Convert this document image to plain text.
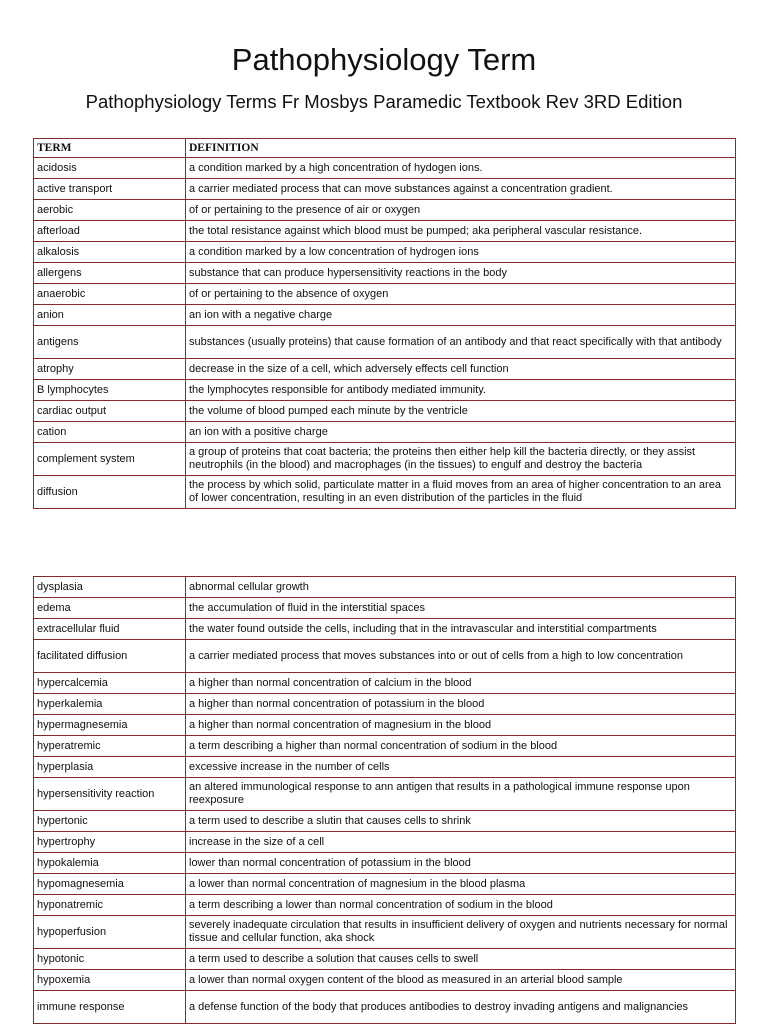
Pathophysiology Term
Pathophysiology Terms Fr Mosbys Paramedic Textbook Rev 3RD Edition
TERM	DEFINITION
acidosis	a condition marked by a high concentration of hydogen ions.
active transport	a carrier mediated process that can move substances against a concentration gradient.
aerobic	of or pertaining to the presence of air or oxygen
afterload	the total resistance against which blood must be pumped; aka peripheral vascular resistance.
alkalosis	a condition marked by a low concentration of hydrogen ions
allergens	substance that can produce hypersensitivity reactions in the body
anaerobic	of or pertaining to the absence of oxygen
anion	an ion with a negative charge
antigens	substances (usually proteins) that cause formation of an antibody and that react specifically with that antibody
atrophy	decrease in the size of a cell, which adversely effects cell function
B lymphocytes	the lymphocytes responsible for antibody mediated immunity.
cardiac output	the volume of blood pumped each minute by the ventricle
cation	an ion with a positive charge
complement system	a group of proteins that coat bacteria; the proteins then either help kill the bacteria directly, or they assist neutrophils (in the blood) and macrophages (in the tissues) to engulf and destroy the bacteria
diffusion	the process by which solid, particulate matter in a fluid moves from an area of higher concentration to an area of lower concentration, resulting in an even distribution of the particles in the fluid
dysplasia	abnormal cellular growth
edema	the accumulation of fluid in the interstitial spaces
extracellular fluid	the water found outside the cells, including that in the intravascular and interstitial compartments
facilitated diffusion	a carrier mediated process that moves substances into or out of cells from a high to low concentration
hypercalcemia	a higher than normal concentration of calcium in the blood
hyperkalemia	a higher than normal concentration of potassium in the blood
hypermagnesemia	a higher than normal concentration of magnesium in the blood
hyperatremic	a term describing a higher than normal concentration of sodium in the blood
hyperplasia	excessive increase in the number of cells
hypersensitivity reaction	an altered immunological response to ann antigen that results in a pathological immune response upon reexposure
hypertonic	a term used to describe a slutin that causes cells to shrink
hypertrophy	increase in the size of a cell
hypokalemia	lower than normal concentration of potassium in the blood
hypomagnesemia	a lower than normal concentration of magnesium in the blood plasma
hyponatremic	a term describing a lower than normal concentration of sodium in the blood
hypoperfusion	severely inadequate circulation that results in insufficient delivery of oxygen and nutrients necessary for normal tissue and cellular function, aka shock
hypotonic	a term used to describe a solution that causes cells to swell
hypoxemia	a lower than normal oxygen content of the blood as measured in an arterial blood sample
immune response	a defense function of the body that produces antibodies to destroy invading antigens and malignancies
